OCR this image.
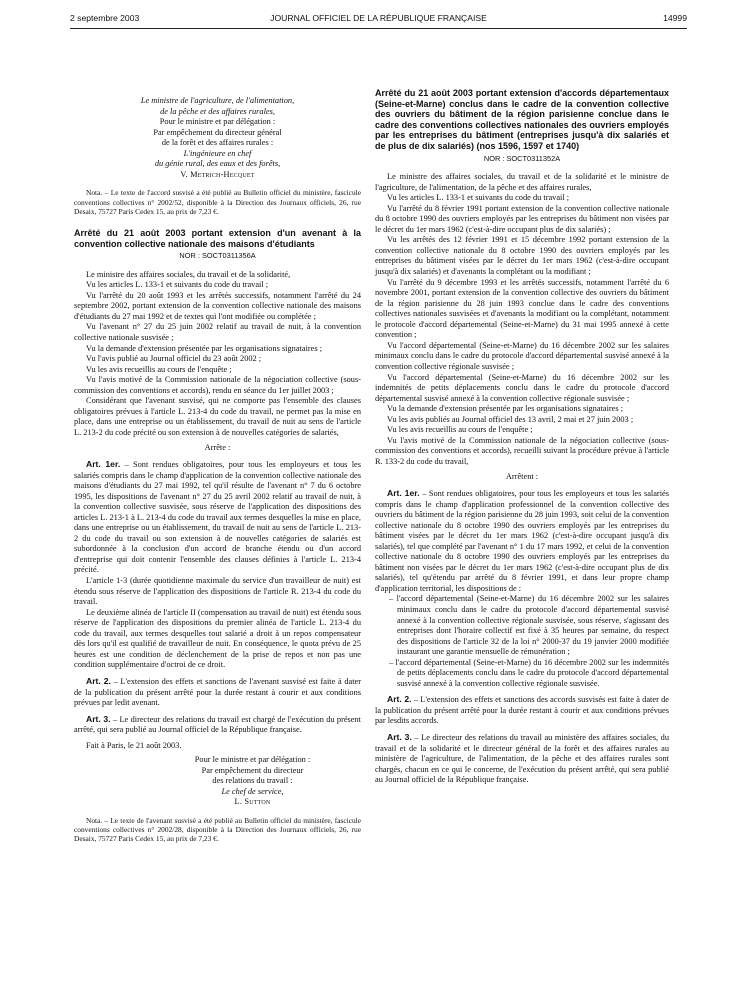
2 septembre 2003	JOURNAL OFFICIEL DE LA RÉPUBLIQUE FRANÇAISE	14999

Le ministre de l'agriculture, de l'alimentation,

de la pêche et des affaires rurales,

Pour le ministre et par délégation :

Par empêchement du directeur général

de la forêt et des affaires rurales :

L'ingénieure en chef

du génie rural, des eaux et des forêts,

V. Metrich-Hecquet

Nota. – Le texte de l'accord susvisé a été publié au Bulletin officiel du ministère, fascicule conventions collectives n° 2002/52, disponible à la Direction des Journaux officiels, 26, rue Desaix, 75727 Paris Cedex 15, au prix de 7,23 €.

Arrêté du 21 août 2003 portant extension d'un avenant à la convention collective nationale des maisons d'étudiants

NOR : SOCT0311356A

Le ministre des affaires sociales, du travail et de la solidarité,

Vu les articles L. 133-1 et suivants du code du travail ;

Vu l'arrêté du 20 août 1993 et les arrêtés successifs, notamment l'arrêté du 24 septembre 2002, portant extension de la convention collective nationale des maisons d'étudiants du 27 mai 1992 et de textes qui l'ont modifiée ou complétée ;

Vu l'avenant n° 27 du 25 juin 2002 relatif au travail de nuit, à la convention collective nationale susvisée ;

Vu la demande d'extension présentée par les organisations signataires ;

Vu l'avis publié au Journal officiel du 23 août 2002 ;

Vu les avis recueillis au cours de l'enquête ;

Vu l'avis motivé de la Commission nationale de la négociation collective (sous-commission des conventions et accords), rendu en séance du 1er juillet 2003 ;

Considérant que l'avenant susvisé, qui ne comporte pas l'ensemble des clauses obligatoires prévues à l'article L. 213-4 du code du travail, ne permet pas la mise en place, dans une entreprise ou un établissement, du travail de nuit au sens de l'article L. 213-2 du code précité ou son extension à de nouvelles catégories de salariés,

Arrête :

Art. 1er. – Sont rendues obligatoires, pour tous les employeurs et tous les salariés compris dans le champ d'application de la convention collective nationale des maisons d'étudiants du 27 mai 1992, tel qu'il résulte de l'avenant n° 7 du 6 octobre 1995, les dispositions de l'avenant n° 27 du 25 avril 2002 relatif au travail de nuit, à la convention collective susvisée, sous réserve de l'application des dispositions des articles L. 213-1 à L. 213-4 du code du travail aux termes desquelles la mise en place, dans une entreprise ou un établissement, du travail de nuit au sens de l'article L. 213-2 du code du travail ou son extension à de nouvelles catégories de salariés est subordonnée à la conclusion d'un accord de branche étendu ou d'un accord d'entreprise qui doit contenir l'ensemble des clauses définies à l'article L. 213-4 précité.

L'article 1-3 (durée quotidienne maximale du service d'un travailleur de nuit) est étendu sous réserve de l'application des dispositions de l'article R. 213-4 du code du travail.

Le deuxième alinéa de l'article II (compensation au travail de nuit) est étendu sous réserve de l'application des dispositions du premier alinéa de l'article L. 213-4 du code du travail, aux termes desquelles tout salarié a droit à un repos compensateur dès lors qu'il est qualifié de travailleur de nuit. En conséquence, le quota prévu de 25 heures est une condition de déclenchement de la prise de repos et non pas une condition supplémentaire d'octroi de ce droit.

Art. 2. – L'extension des effets et sanctions de l'avenant susvisé est faite à dater de la publication du présent arrêté pour la durée restant à courir et aux conditions prévues par ledit avenant.

Art. 3. – Le directeur des relations du travail est chargé de l'exécution du présent arrêté, qui sera publié au Journal officiel de la République française.

Fait à Paris, le 21 août 2003.

Pour le ministre et par délégation :

Par empêchement du directeur

des relations du travail :

Le chef de service,

L. Sutton

Nota. – Le texte de l'avenant susvisé a été publié au Bulletin officiel du ministère, fascicule conventions collectives n° 2002/28, disponible à la Direction des Journaux officiels, 26, rue Desaix, 75727 Paris Cedex 15, au prix de 7,23 €.

Arrêté du 21 août 2003 portant extension d'accords départementaux (Seine-et-Marne) conclus dans le cadre de la convention collective des ouvriers du bâtiment de la région parisienne conclue dans le cadre des conventions collectives nationales des ouvriers employés par les entreprises du bâtiment (entreprises jusqu'à dix salariés et de plus de dix salariés) (nos 1596, 1597 et 1740)

NOR : SOCT0311352A

Le ministre des affaires sociales, du travail et de la solidarité et le ministre de l'agriculture, de l'alimentation, de la pêche et des affaires rurales,

Vu les articles L. 133-1 et suivants du code du travail ;

Vu l'arrêté du 8 février 1991 portant extension de la convention collective nationale du 8 octobre 1990 des ouvriers employés par les entreprises du bâtiment non visées par le décret du 1er mars 1962 (c'est-à-dire occupant plus de dix salariés) ;

Vu les arrêtés des 12 février 1991 et 15 décembre 1992 portant extension de la convention collective nationale du 8 octobre 1990 des ouvriers employés par les entreprises du bâtiment visées par le décret du 1er mars 1962 (c'est-à-dire occupant jusqu'à dix salariés) et d'avenants la complétant ou la modifiant ;

Vu l'arrêté du 9 décembre 1993 et les arrêtés successifs, notamment l'arrêté du 6 novembre 2001, portant extension de la convention collective des ouvriers du bâtiment de la région parisienne du 28 juin 1993 conclue dans le cadre des conventions collectives nationales susvisées et d'avenants la modifiant ou la complétant, notamment le protocole d'accord départemental (Seine-et-Marne) du 31 mai 1995 annexé à cette convention ;

Vu l'accord départemental (Seine-et-Marne) du 16 décembre 2002 sur les salaires minimaux conclu dans le cadre du protocole d'accord départemental susvisé annexé à la convention collective régionale susvisée ;

Vu l'accord départemental (Seine-et-Marne) du 16 décembre 2002 sur les indemnités de petits déplacements conclu dans le cadre du protocole d'accord départemental susvisé annexé à la convention collective régionale susvisée ;

Vu la demande d'extension présentée par les organisations signataires ;

Vu les avis publiés au Journal officiel des 13 avril, 2 mai et 27 juin 2003 ;

Vu les avis recueillis au cours de l'enquête ;

Vu l'avis motivé de la Commission nationale de la négociation collective (sous-commission des conventions et accords), recueilli suivant la procédure prévue à l'article R. 133-2 du code du travail,

Arrêtent :

Art. 1er. – Sont rendues obligatoires, pour tous les employeurs et tous les salariés compris dans le champ d'application professionnel de la convention collective des ouvriers du bâtiment de la région parisienne du 28 juin 1993, soit celui de la convention collective nationale du 8 octobre 1990 des ouvriers employés par les entreprises du bâtiment visées par le décret du 1er mars 1962 (c'est-à-dire occupant jusqu'à dix salariés), tel que complété par l'avenant n° 1 du 17 mars 1992, et celui de la convention collective nationale du 8 octobre 1990 des ouvriers employés par les entreprises du bâtiment non visées par le décret du 1er mars 1962 (c'est-à-dire occupant plus de dix salariés), tel qu'étendu par arrêté du 8 février 1991, et dans leur propre champ d'application territorial, les dispositions de :

– l'accord départemental (Seine-et-Marne) du 16 décembre 2002 sur les salaires minimaux conclu dans le cadre du protocole d'accord départemental susvisé annexé à la convention collective régionale susvisée, sous réserve, s'agissant des entreprises dont l'horaire collectif est fixé à 35 heures par semaine, du respect des dispositions de l'article 32 de la loi n° 2000-37 du 19 janvier 2000 modifiée instaurant une garantie mensuelle de rémunération ;

– l'accord départemental (Seine-et-Marne) du 16 décembre 2002 sur les indemnités de petits déplacements conclu dans le cadre du protocole d'accord départemental susvisé annexé à la convention collective régionale susvisée.

Art. 2. – L'extension des effets et sanctions des accords susvisés est faite à dater de la publication du présent arrêté pour la durée restant à courir et aux conditions prévues par lesdits accords.

Art. 3. – Le directeur des relations du travail au ministère des affaires sociales, du travail et de la solidarité et le directeur général de la forêt et des affaires rurales au ministère de l'agriculture, de l'alimentation, de la pêche et des affaires rurales sont chargés, chacun en ce qui le concerne, de l'exécution du présent arrêté, qui sera publié au Journal officiel de la République française.
